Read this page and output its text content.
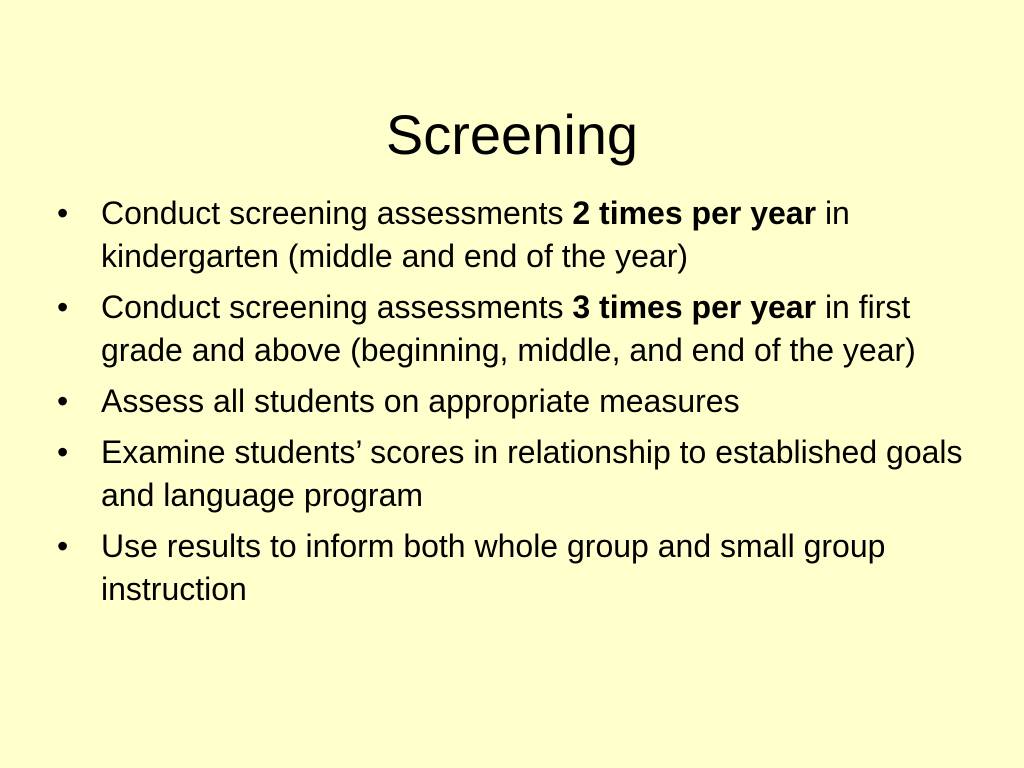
Screening
•	Conduct screening assessments 2 times per year in kindergarten (middle and end of the year)
•	Conduct screening assessments 3 times per year in first grade and above (beginning, middle, and end of the year)
•	Assess all students on appropriate measures
•	Examine students’ scores in relationship to established goals and language program
•	Use results to inform both whole group and small group instruction
